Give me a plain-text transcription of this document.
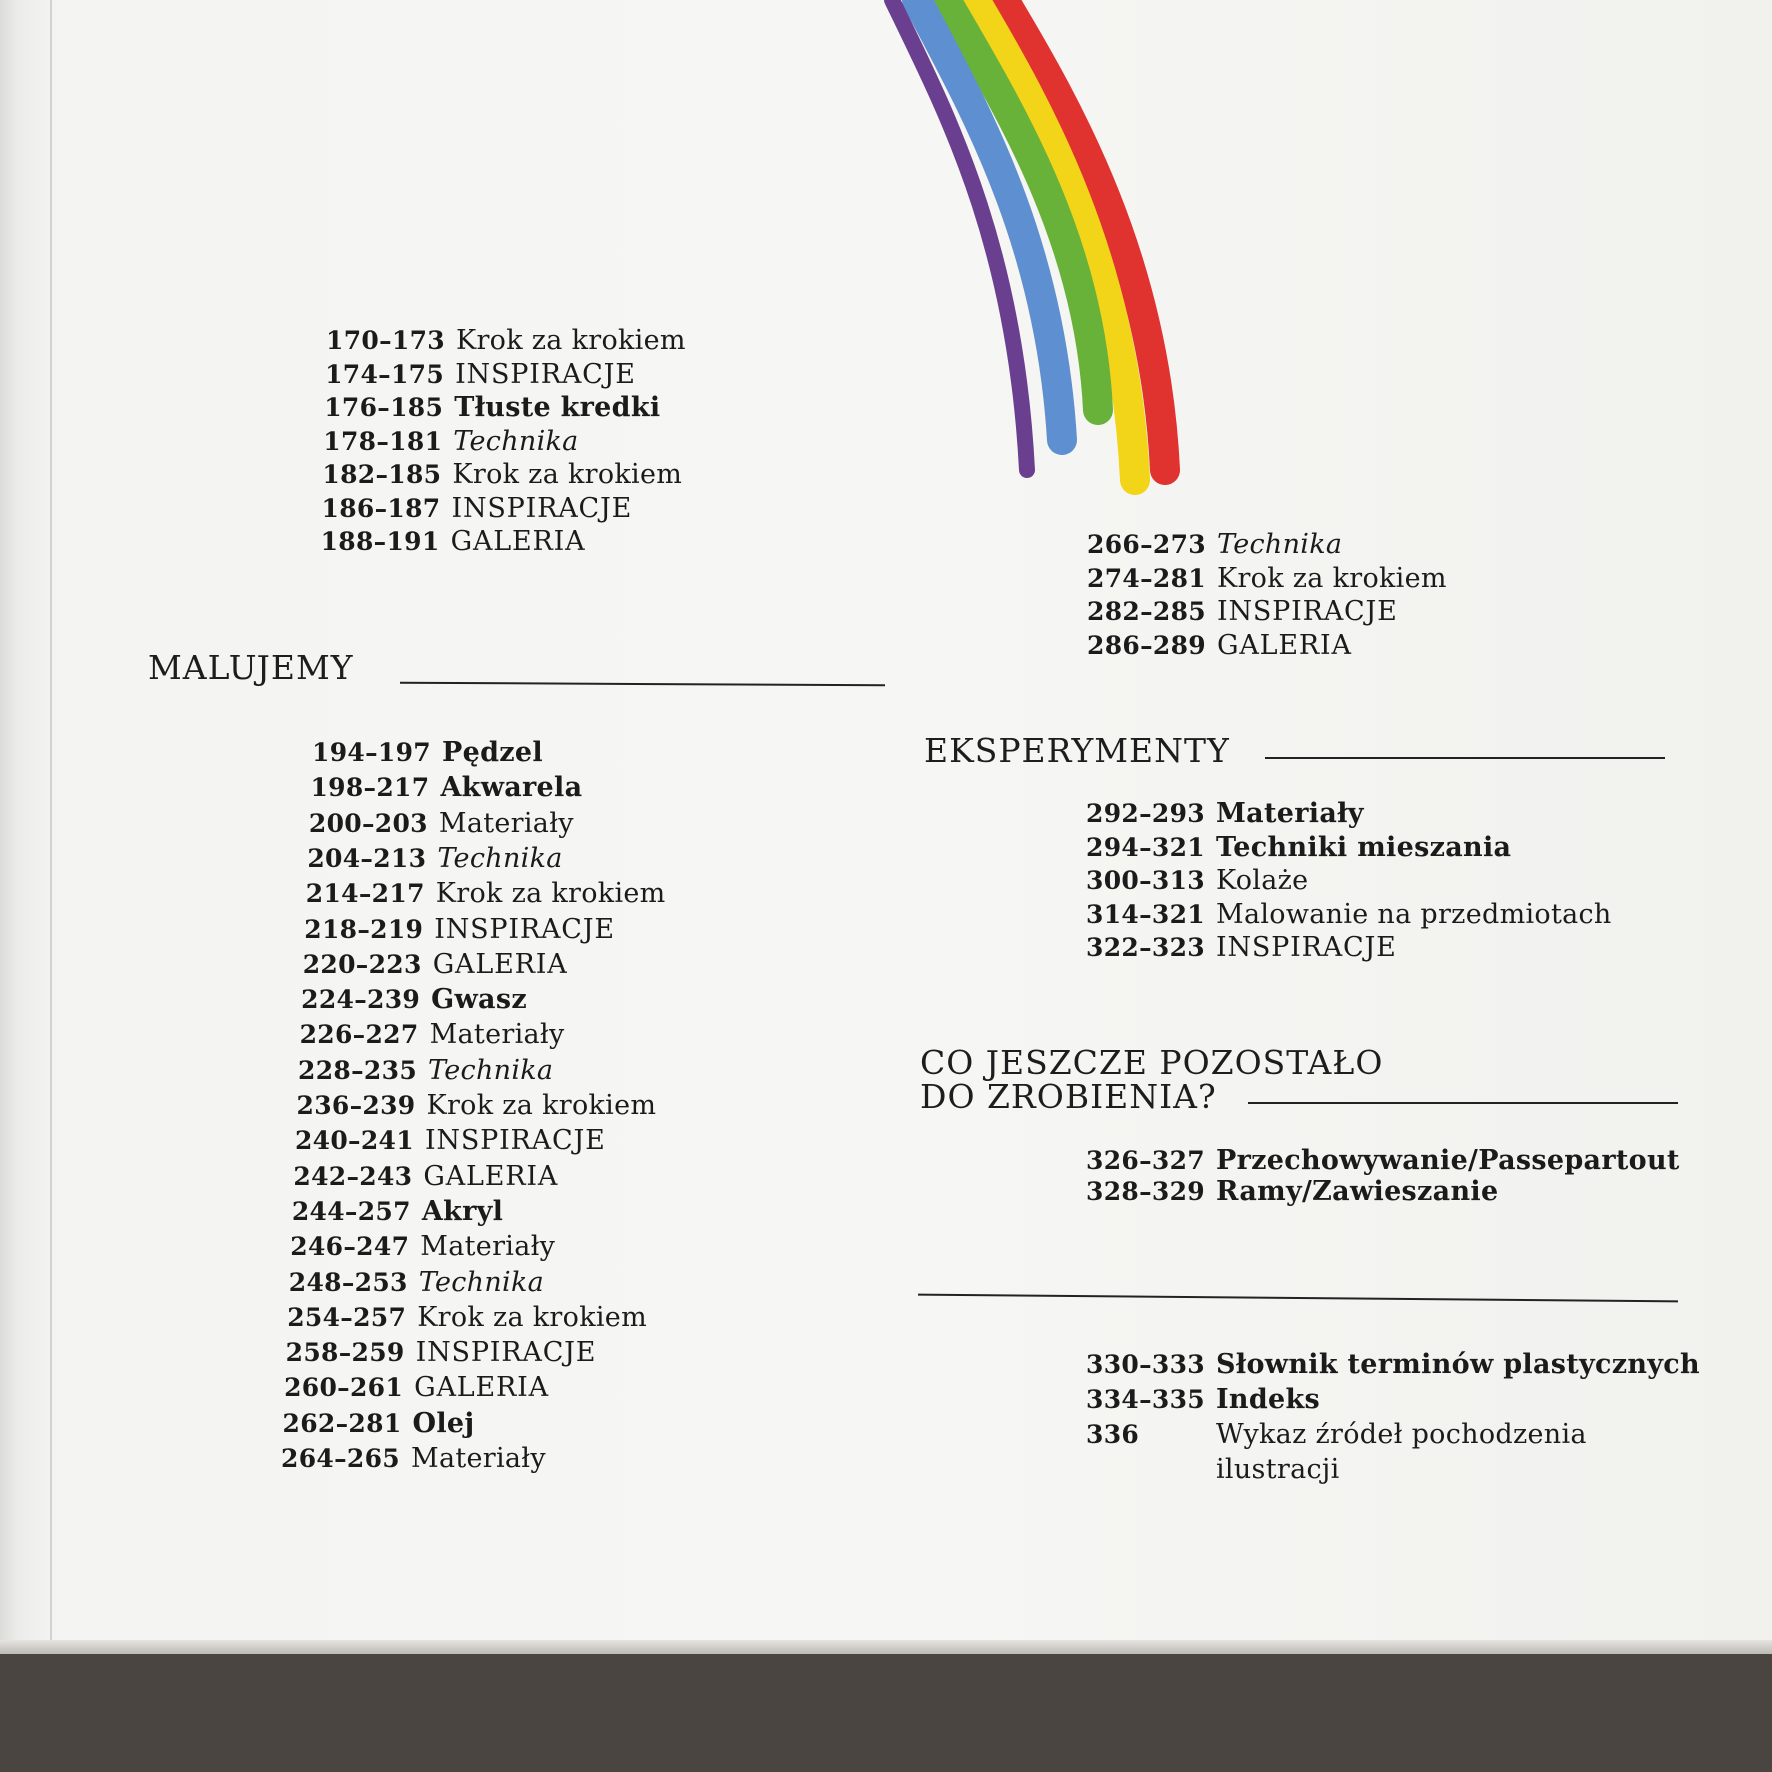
170–173 Krok za krokiem
174–175 INSPIRACJE
176–185 Tłuste kredki
178–181 Technika
182–185 Krok za krokiem
186–187 INSPIRACJE
188–191 GALERIA
MALUJEMY
194–197 Pędzel
198–217 Akwarela
200–203 Materiały
204–213 Technika
214–217 Krok za krokiem
218–219 INSPIRACJE
220–223 GALERIA
224–239 Gwasz
226–227 Materiały
228–235 Technika
236–239 Krok za krokiem
240–241 INSPIRACJE
242–243 GALERIA
244–257 Akryl
246–247 Materiały
248–253 Technika
254–257 Krok za krokiem
258–259 INSPIRACJE
260–261 GALERIA
262–281 Olej
264–265 Materiały
266–273 Technika
274–281 Krok za krokiem
282–285 INSPIRACJE
286–289 GALERIA
EKSPERYMENTY
292–293 Materiały
294–321 Techniki mieszania
300–313 Kolaże
314–321 Malowanie na przedmiotach
322–323 INSPIRACJE
CO JESZCZE POZOSTAŁO
DO ZROBIENIA?
326–327 Przechowywanie/Passepartout
328–329 Ramy/Zawieszanie
330–333 Słownik terminów plastycznych
334–335 Indeks
336	Wykaz źródeł pochodzenia
ilustracji
